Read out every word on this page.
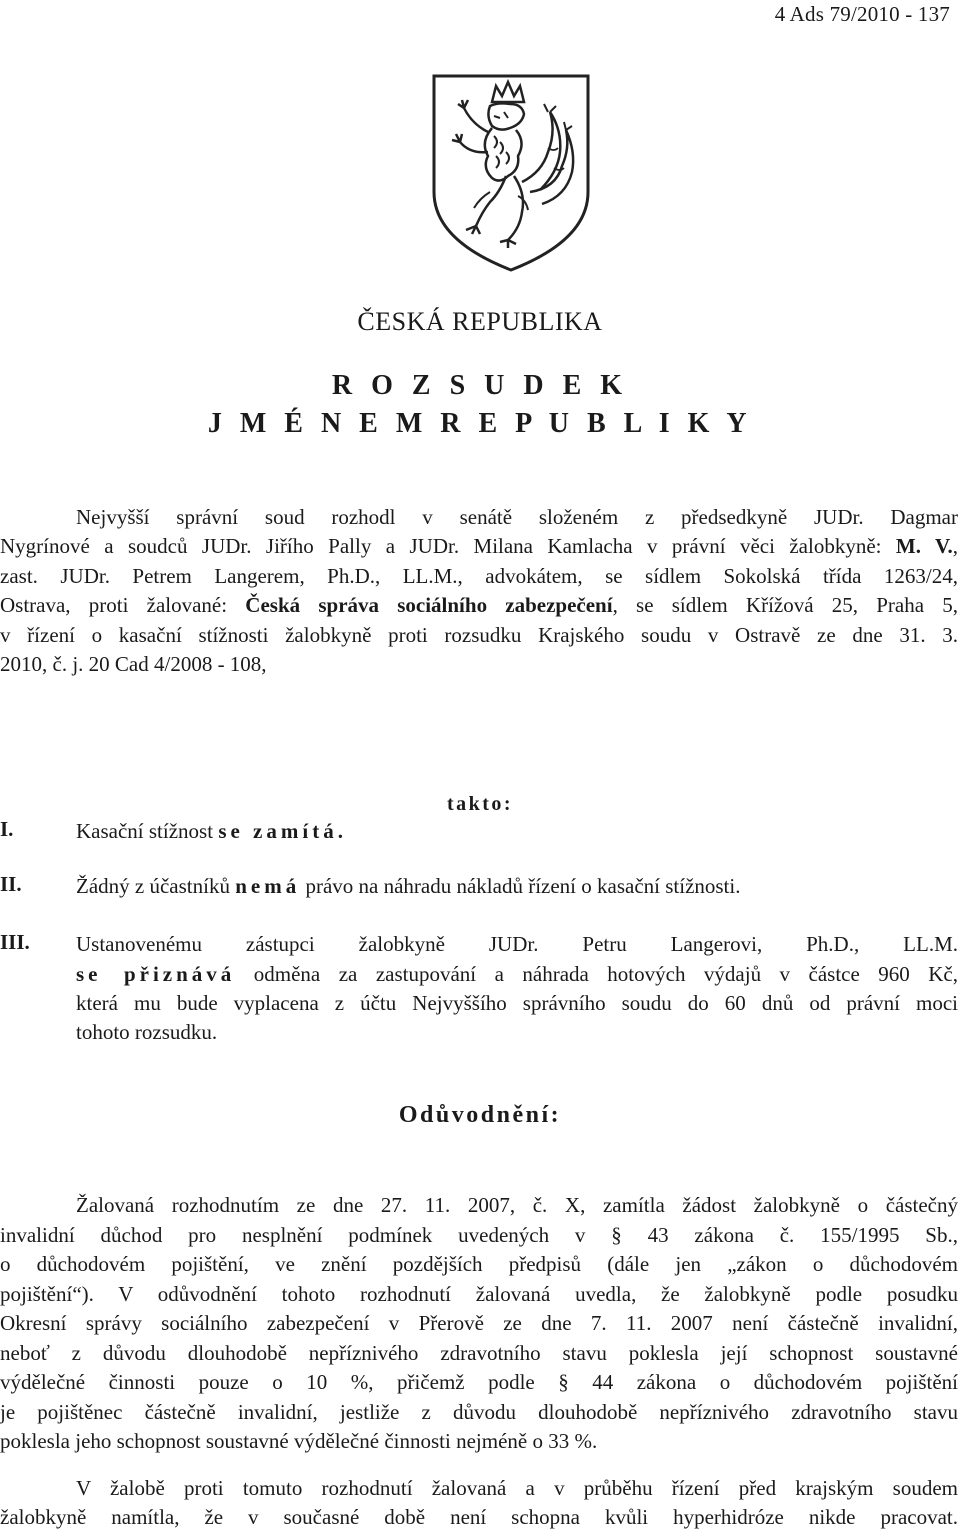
4 Ads 79/2010 - 137
ČESKÁ REPUBLIKA
R O Z S U D E K
J M É N E M R E P U B L I K Y
Nejvyšší správní soud rozhodl v senátě složeném z předsedkyně JUDr. Dagmar
Nygrínové a soudců JUDr. Jiřího Pally a JUDr. Milana Kamlacha v právní věci žalobkyně: M. V.,
zast. JUDr. Petrem Langerem, Ph.D., LL.M., advokátem, se sídlem Sokolská třída 1263/24,
Ostrava, proti žalované: Česká správa sociálního zabezpečení, se sídlem Křížová 25, Praha 5,
v řízení o kasační stížnosti žalobkyně proti rozsudku Krajského soudu v Ostravě ze dne 31. 3.
2010, č. j. 20 Cad 4/2008 - 108,
takto:
I.	Kasační stížnost se zamítá.
II.	Žádný z účastníků nemá právo na náhradu nákladů řízení o kasační stížnosti.
III. Ustanovenému zástupci žalobkyně JUDr. Petru Langerovi, Ph.D., LL.M.
se přiznává odměna za zastupování a náhrada hotových výdajů v částce 960 Kč,
která mu bude vyplacena z účtu Nejvyššího správního soudu do 60 dnů od právní moci
tohoto rozsudku.
Odůvodnění:
Žalovaná rozhodnutím ze dne 27. 11. 2007, č. X, zamítla žádost žalobkyně o částečný
invalidní důchod pro nesplnění podmínek uvedených v § 43 zákona č. 155/1995 Sb.,
o důchodovém pojištění, ve znění pozdějších předpisů (dále jen „zákon o důchodovém
pojištění“). V odůvodnění tohoto rozhodnutí žalovaná uvedla, že žalobkyně podle posudku
Okresní správy sociálního zabezpečení v Přerově ze dne 7. 11. 2007 není částečně invalidní,
neboť z důvodu dlouhodobě nepříznivého zdravotního stavu poklesla její schopnost soustavné
výdělečné činnosti pouze o 10 %, přičemž podle § 44 zákona o důchodovém pojištění
je pojištěnec částečně invalidní, jestliže z důvodu dlouhodobě nepříznivého zdravotního stavu
poklesla jeho schopnost soustavné výdělečné činnosti nejméně o 33 %.
V žalobě proti tomuto rozhodnutí žalovaná a v průběhu řízení před krajským soudem
žalobkyně namítla, že v současné době není schopna kvůli hyperhidróze nikde pracovat.
